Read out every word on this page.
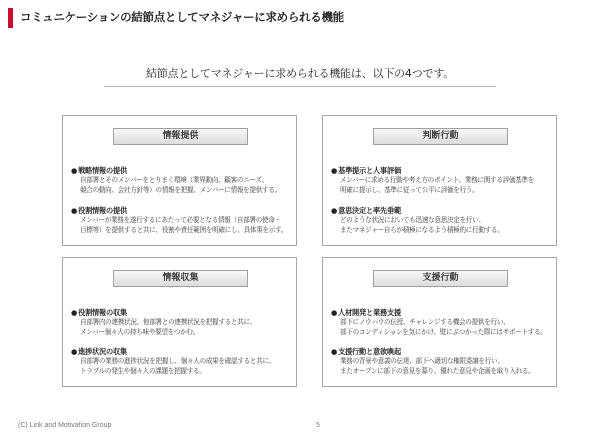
コミュニケーションの結節点としてマネジャーに求められる機能
結節点としてマネジャーに求められる機能は、以下の4つです。
情報提供
●戦略情報の提供
自部署とそのメンバーをとりまく環境（業界動向、顧客のニーズ、
競合の動向、会社方針等）の情報を把握、メンバーに情報を提供する。
●役割情報の提供
メンバーが業務を遂行するにあたって必要となる情報（自部署の使命・
目標等）を提供すると共に、役割や責任範囲を明確にし、具体策を示す。
判断行動
●基準提示と人事評価
メンバーに求める行動や考え方のポイント、業務に関する評価基準を
明確に提示し、基準に従って公平に評価を行う。
●意思決定と率先垂範
どのような状況においても迅速な意思決定を行い、
またマネジャー自らが積極になるよう積極的に行動する。
情報収集
●役割情報の収集
自部署内の連携状況、他部署との連携状況を把握すると共に、
メンバー個々人の持ち味や要望をつかむ。
●進捗状況の収集
自部署の業務の進捗状況を把握し、個々人の成果を確認すると共に、
トラブルの発生や個々人の課題を把握する。
支援行動
●人材開発と業務支援
部下にノウハウの伝授、チャレンジする機会の提供を行い、
部下のコンディションを気にかけ、壁にぶつかった際にはサポートする。
●支援行動と意欲喚起
業務の背景や意義の伝達、部下へ適切な権限委譲を行い、
またオープンに部下の意見を募り、優れた意見や企画を取り入れる。
(C) Link and Motivation Group	5
